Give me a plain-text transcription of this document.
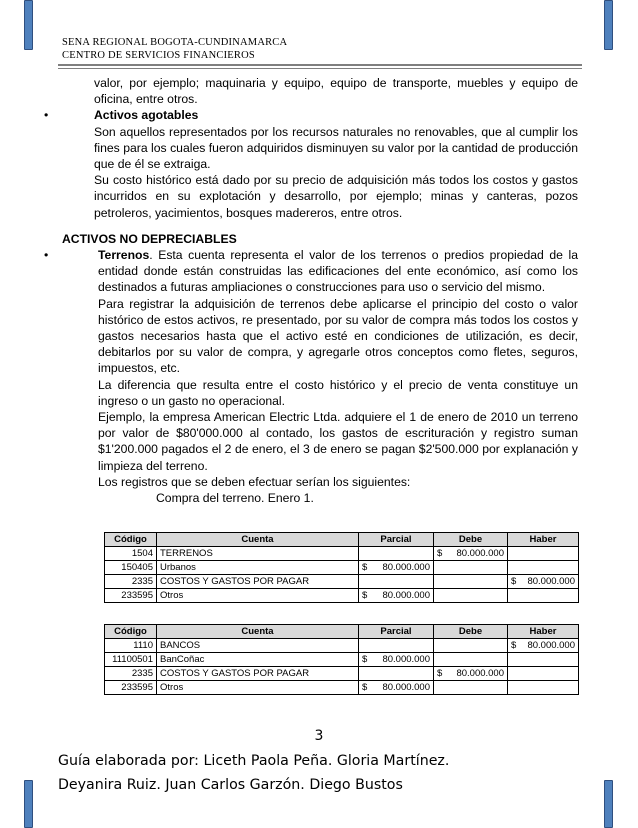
SENA REGIONAL BOGOTA-CUNDINAMARCA
CENTRO DE SERVICIOS FINANCIEROS

valor, por ejemplo; maquinaria y equipo, equipo de transporte, muebles y equipo de oficina, entre otros.

•	Activos agotables

Son aquellos representados por los recursos naturales no renovables, que al cumplir los fines para los cuales fueron adquiridos disminuyen su valor por la cantidad de producción que de él se extraiga.

Su costo histórico está dado por su precio de adquisición más todos los costos y gastos incurridos en su explotación y desarrollo, por ejemplo; minas y canteras, pozos petroleros, yacimientos, bosques madereros, entre otros.

ACTIVOS NO DEPRECIABLES
•	Terrenos. Esta cuenta representa el valor de los terrenos o predios propiedad de la entidad donde están construidas las edificaciones del ente económico, así como los destinados a futuras ampliaciones o construcciones para uso o servicio del mismo.

Para registrar la adquisición de terrenos debe aplicarse el principio del costo o valor histórico de estos activos, re presentado, por su valor de compra más todos los costos y gastos necesarios hasta que el activo esté en condiciones de utilización, es decir, debitarlos por su valor de compra, y agregarle otros conceptos como fletes, seguros, impuestos, etc.

La diferencia que resulta entre el costo histórico y el precio de venta constituye un ingreso o un gasto no operacional.

Ejemplo, la empresa American Electric Ltda. adquiere el 1 de enero de 2010 un terreno por valor de $80'000.000 al contado, los gastos de escrituración y registro suman $1'200.000 pagados el 2 de enero, el 3 de enero se pagan $2'500.000 por explanación y limpieza del terreno.

Los registros que se deben efectuar serían los siguientes:

Compra del terreno. Enero 1.
Código	Cuenta	Parcial	Debe	Haber
1504	TERRENOS		$ 80.000.000	

150405	Urbanos	$ 80.000.000		

2335	COSTOS Y GASTOS POR PAGAR			$ 80.000.000

233595	Otros	$ 80.000.000		

Código	Cuenta	Parcial	Debe	Haber
1110	BANCOS			$ 80.000.000

11100501	BanCoñac	$ 80.000.000		

2335	COSTOS Y GASTOS POR PAGAR		$ 80.000.000	

233595	Otros	$ 80.000.000		

3
Guía elaborada por: Liceth Paola Peña. Gloria Martínez.
Deyanira Ruiz. Juan Carlos Garzón. Diego Bustos
